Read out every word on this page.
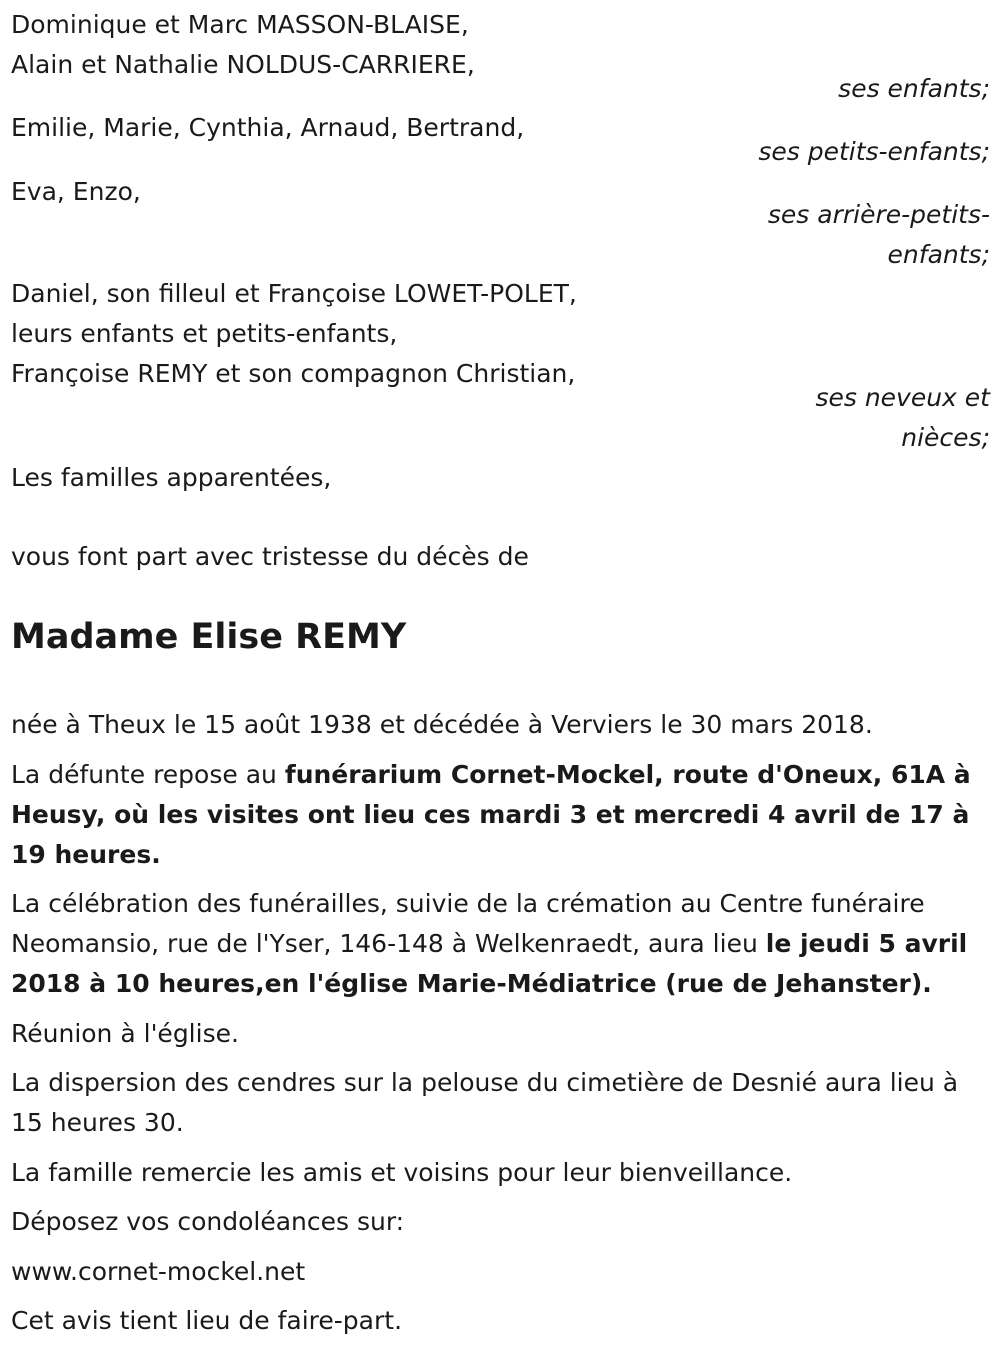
Dominique et Marc MASSON-BLAISE,
Alain et Nathalie NOLDUS-CARRIERE,
ses enfants;
Emilie, Marie, Cynthia, Arnaud, Bertrand,
ses petits-enfants;
Eva, Enzo,
ses arrière-petits-
enfants;
Daniel, son filleul et Françoise LOWET-POLET,
leurs enfants et petits-enfants,
Françoise REMY et son compagnon Christian,
ses neveux et
nièces;
Les familles apparentées,
vous font part avec tristesse du décès de
Madame Elise REMY
née à Theux le 15 août 1938 et décédée à Verviers le 30 mars 2018.
La défunte repose au funérarium Cornet-Mockel, route d'Oneux, 61A à Heusy, où les visites ont lieu ces mardi 3 et mercredi 4 avril de 17 à 19 heures.
La célébration des funérailles, suivie de la crémation au Centre funéraire Neomansio, rue de l'Yser, 146-148 à Welkenraedt, aura lieu le jeudi 5 avril 2018 à 10 heures,en l'église Marie-Médiatrice (rue de Jehanster).
Réunion à l'église.
La dispersion des cendres sur la pelouse du cimetière de Desnié aura lieu à 15 heures 30.
La famille remercie les amis et voisins pour leur bienveillance.
Déposez vos condoléances sur:
www.cornet-mockel.net
Cet avis tient lieu de faire-part.
